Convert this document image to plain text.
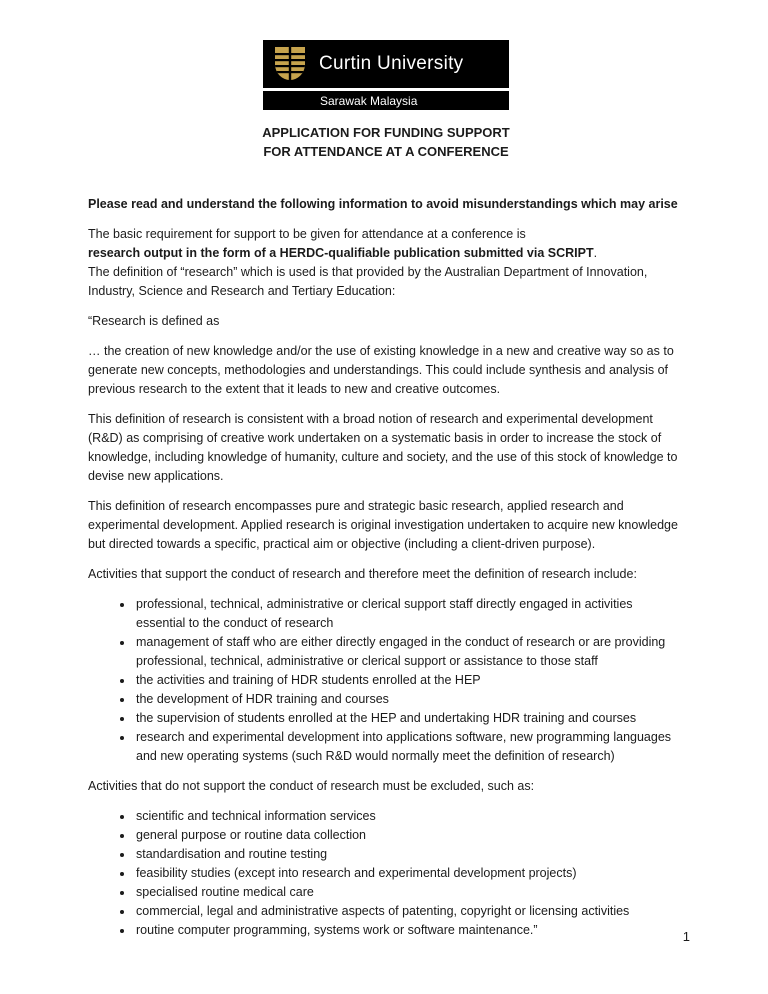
Curtin University
Sarawak Malaysia
APPLICATION FOR FUNDING SUPPORT
FOR ATTENDANCE AT A CONFERENCE

Please read and understand the following information to avoid misunderstandings which may arise

The basic requirement for support to be given for attendance at a conference is
research output in the form of a HERDC-qualifiable publication submitted via SCRIPT.
The definition of “research” which is used is that provided by the Australian Department of Innovation, Industry, Science and Research and Tertiary Education:

“Research is defined as

… the creation of new knowledge and/or the use of existing knowledge in a new and creative way so as to generate new concepts, methodologies and understandings. This could include synthesis and analysis of previous research to the extent that it leads to new and creative outcomes.

This definition of research is consistent with a broad notion of research and experimental development (R&D) as comprising of creative work undertaken on a systematic basis in order to increase the stock of knowledge, including knowledge of humanity, culture and society, and the use of this stock of knowledge to devise new applications.

This definition of research encompasses pure and strategic basic research, applied research and experimental development. Applied research is original investigation undertaken to acquire new knowledge but directed towards a specific, practical aim or objective (including a client-driven purpose).

Activities that support the conduct of research and therefore meet the definition of research include:

• professional, technical, administrative or clerical support staff directly engaged in activities essential to the conduct of research
• management of staff who are either directly engaged in the conduct of research or are providing professional, technical, administrative or clerical support or assistance to those staff
• the activities and training of HDR students enrolled at the HEP
• the development of HDR training and courses
• the supervision of students enrolled at the HEP and undertaking HDR training and courses
• research and experimental development into applications software, new programming languages and new operating systems (such R&D would normally meet the definition of research)

Activities that do not support the conduct of research must be excluded, such as:

• scientific and technical information services
• general purpose or routine data collection
• standardisation and routine testing
• feasibility studies (except into research and experimental development projects)
• specialised routine medical care
• commercial, legal and administrative aspects of patenting, copyright or licensing activities
• routine computer programming, systems work or software maintenance.”	1
